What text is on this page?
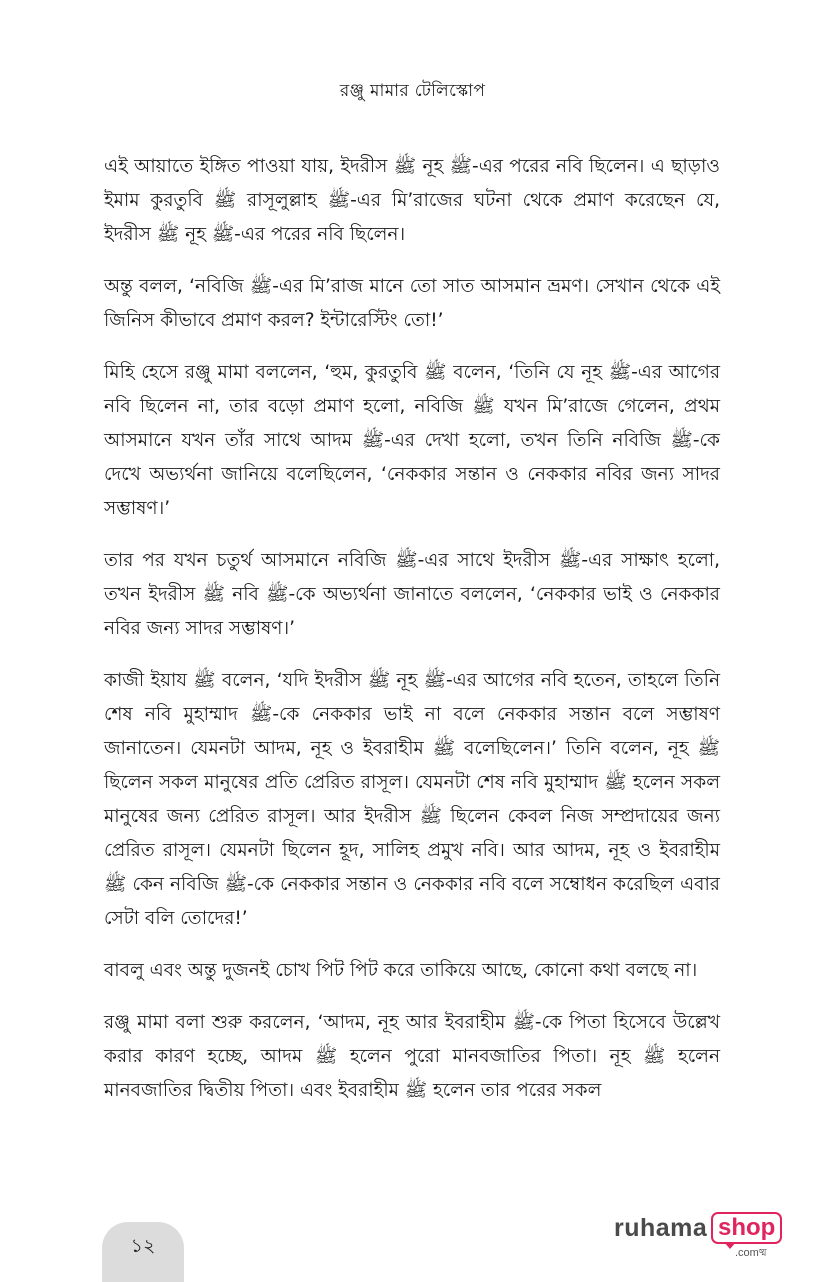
রঞ্জু মামার টেলিস্কোপ

এই আয়াতে ইঙ্গিত পাওয়া যায়, ইদরীস ﷺ নূহ ﷺ-এর পরের নবি ছিলেন। এ ছাড়াও ইমাম কুরতুবি ﷺ রাসূলুল্লাহ ﷺ-এর মি’রাজের ঘটনা থেকে প্রমাণ করেছেন যে, ইদরীস ﷺ নূহ ﷺ-এর পরের নবি ছিলেন।

অন্তু বলল, ‘নবিজি ﷺ-এর মি’রাজ মানে তো সাত আসমান ভ্রমণ। সেখান থেকে এই জিনিস কীভাবে প্রমাণ করল? ইন্টারেস্টিং তো!’

মিহি হেসে রঞ্জু মামা বললেন, ‘হুম, কুরতুবি ﷺ বলেন, ‘তিনি যে নূহ ﷺ-এর আগের নবি ছিলেন না, তার বড়ো প্রমাণ হলো, নবিজি ﷺ যখন মি’রাজে গেলেন, প্রথম আসমানে যখন তাঁর সাথে আদম ﷺ-এর দেখা হলো, তখন তিনি নবিজি ﷺ-কে দেখে অভ্যর্থনা জানিয়ে বলেছিলেন, ‘নেককার সন্তান ও নেককার নবির জন্য সাদর সম্ভাষণ।’

তার পর যখন চতুর্থ আসমানে নবিজি ﷺ-এর সাথে ইদরীস ﷺ-এর সাক্ষাৎ হলো, তখন ইদরীস ﷺ নবি ﷺ-কে অভ্যর্থনা জানাতে বললেন, ‘নেককার ভাই ও নেককার নবির জন্য সাদর সম্ভাষণ।’

কাজী ইয়ায ﷺ বলেন, ‘যদি ইদরীস ﷺ নূহ ﷺ-এর আগের নবি হতেন, তাহলে তিনি শেষ নবি মুহাম্মাদ ﷺ-কে নেককার ভাই না বলে নেককার সন্তান বলে সম্ভাষণ জানাতেন। যেমনটা আদম, নূহ ও ইবরাহীম ﷺ বলেছিলেন।’ তিনি বলেন, নূহ ﷺ ছিলেন সকল মানুষের প্রতি প্রেরিত রাসূল। যেমনটা শেষ নবি মুহাম্মাদ ﷺ হলেন সকল মানুষের জন্য প্রেরিত রাসূল। আর ইদরীস ﷺ ছিলেন কেবল নিজ সম্প্রদায়ের জন্য প্রেরিত রাসূল। যেমনটা ছিলেন হূদ, সালিহ প্রমুখ নবি। আর আদম, নূহ ও ইবরাহীম ﷺ কেন নবিজি ﷺ-কে নেককার সন্তান ও নেককার নবি বলে সম্বোধন করেছিল এবার সেটা বলি তোদের!’

বাবলু এবং অন্তু দুজনই চোখ পিট পিট করে তাকিয়ে আছে, কোনো কথা বলছে না।

রঞ্জু মামা বলা শুরু করলেন, ‘আদম, নূহ আর ইবরাহীম ﷺ-কে পিতা হিসেবে উল্লেখ করার কারণ হচ্ছে, আদম ﷺ হলেন পুরো মানবজাতির পিতা। নূহ ﷺ হলেন মানবজাতির দ্বিতীয় পিতা। এবং ইবরাহীম ﷺ হলেন তার পরের সকল

১২
ruhama shop
.comষ্ম
